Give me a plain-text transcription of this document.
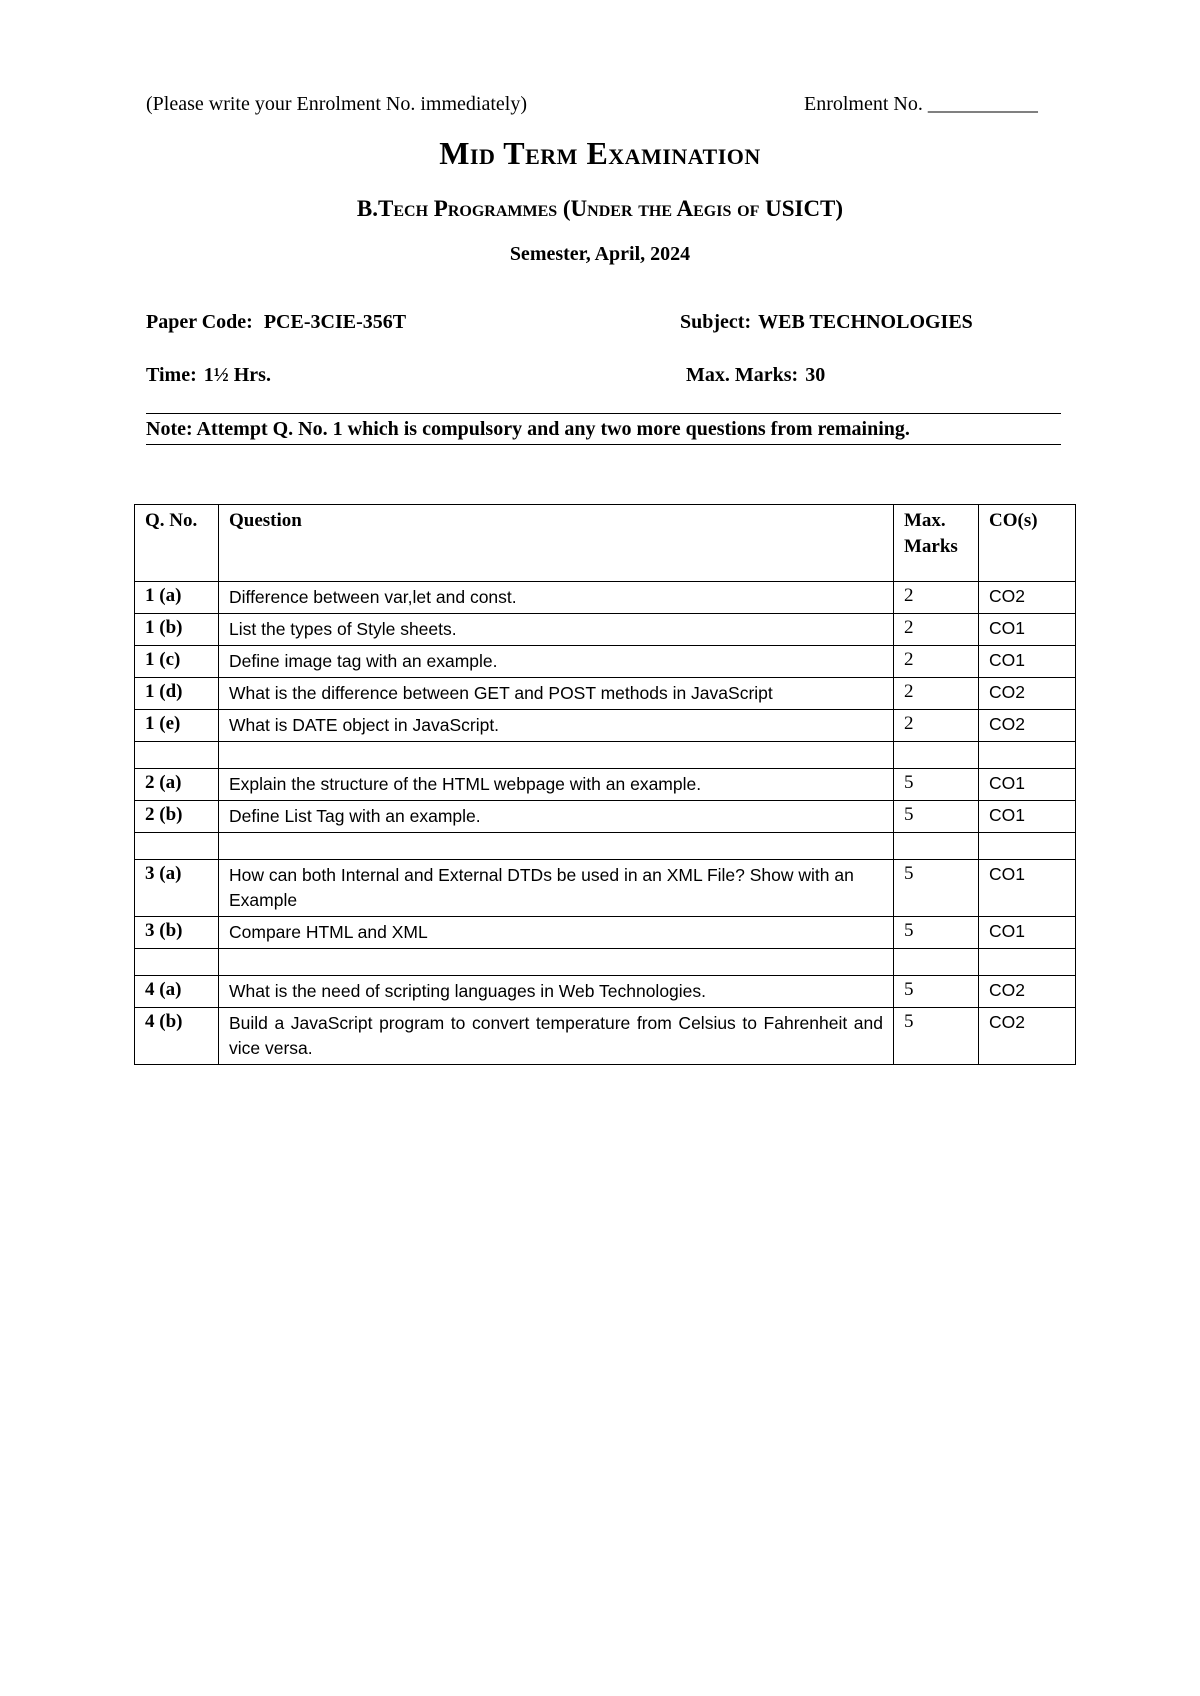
(Please write your Enrolment No. immediately)	Enrolment No. ___________
Mid Term Examination
B.Tech Programmes (Under the Aegis of USICT)
Semester, April, 2024
Paper Code: PCE-3CIE-356T	Subject: WEB TECHNOLOGIES
Time: 1½ Hrs.	Max. Marks: 30
Note: Attempt Q. No. 1 which is compulsory and any two more questions from remaining.
Q. No.	Question	Max. Marks	CO(s)
1 (a)	Difference between var,let and const.	2	CO2
1 (b)	List the types of Style sheets.	2	CO1
1 (c)	Define image tag with an example.	2	CO1
1 (d)	What is the difference between GET and POST methods in JavaScript	2	CO2
1 (e)	What is DATE object in JavaScript.	2	CO2

2 (a)	Explain the structure of the HTML webpage with an example.	5	CO1
2 (b)	Define List Tag with an example.	5	CO1

3 (a)	How can both Internal and External DTDs be used in an XML File? Show with an Example	5	CO1
3 (b)	Compare HTML and XML	5	CO1

4 (a)	What is the need of scripting languages in Web Technologies.	5	CO2
4 (b)	Build a JavaScript program to convert temperature from Celsius to Fahrenheit and vice versa.	5	CO2
